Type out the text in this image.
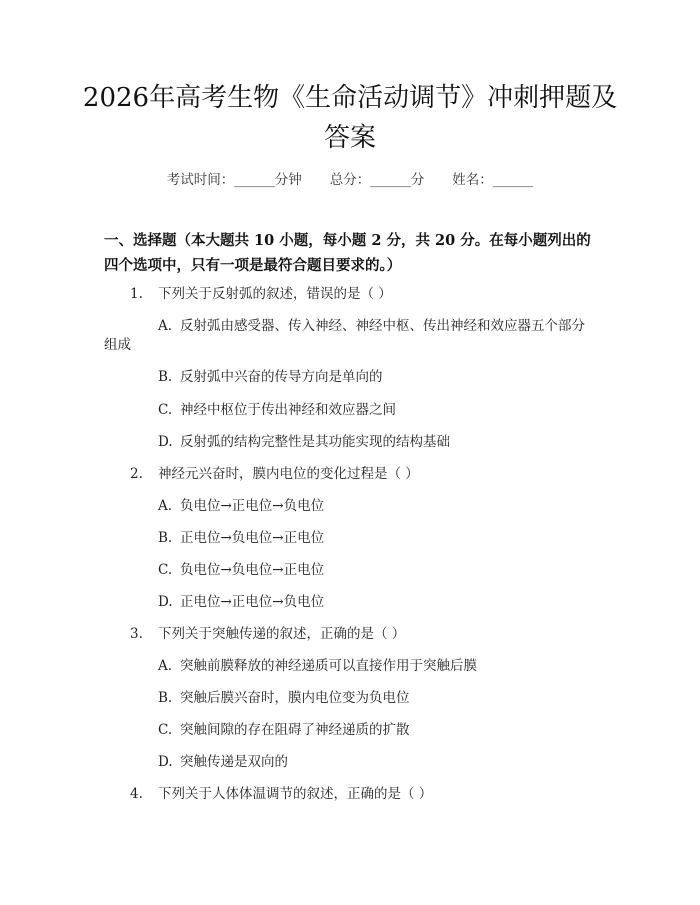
2026年高考生物《生命活动调节》冲刺押题及答案
考试时间：______分钟 总分：______分 姓名：______
一、选择题（本大题共 10 小题，每小题 2 分，共 20 分。在每小题列出的四个选项中，只有一项是最符合题目要求的。）
1. 下列关于反射弧的叙述，错误的是（ ）
A. 反射弧由感受器、传入神经、神经中枢、传出神经和效应器五个部分
组成
B. 反射弧中兴奋的传导方向是单向的
C. 神经中枢位于传出神经和效应器之间
D. 反射弧的结构完整性是其功能实现的结构基础
2. 神经元兴奋时，膜内电位的变化过程是（ ）
A. 负电位→正电位→负电位
B. 正电位→负电位→正电位
C. 负电位→负电位→正电位
D. 正电位→正电位→负电位
3. 下列关于突触传递的叙述，正确的是（ ）
A. 突触前膜释放的神经递质可以直接作用于突触后膜
B. 突触后膜兴奋时，膜内电位变为负电位
C. 突触间隙的存在阻碍了神经递质的扩散
D. 突触传递是双向的
4. 下列关于人体体温调节的叙述，正确的是（ ）
